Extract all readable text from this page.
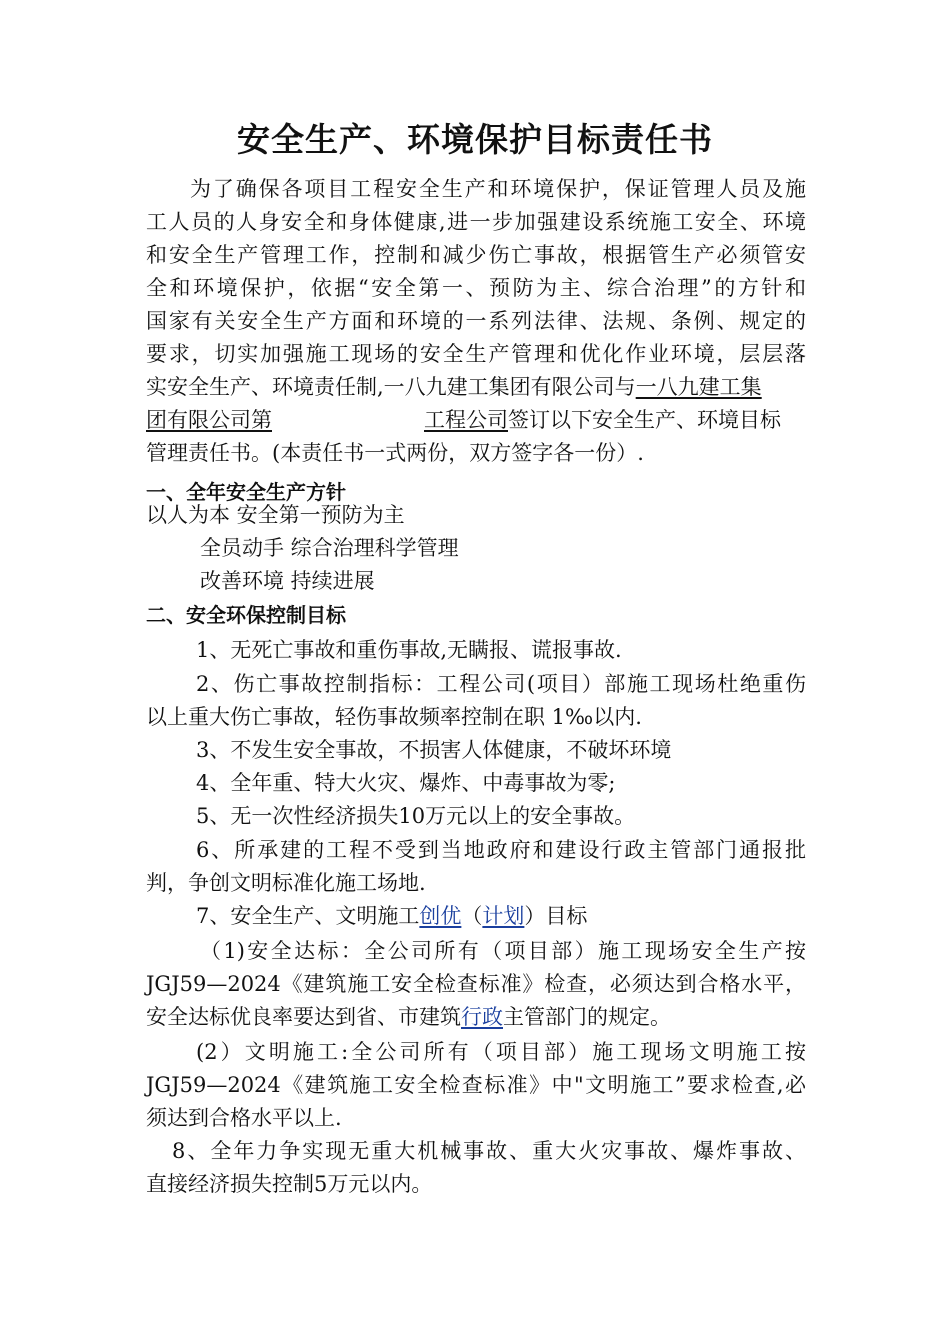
安全生产、环境保护目标责任书
为了确保各项目工程安全生产和环境保护，保证管理人员及施
工人员的人身安全和身体健康,进一步加强建设系统施工安全、环境
和安全生产管理工作，控制和减少伤亡事故，根据管生产必须管安
全和环境保护，依据“安全第一、预防为主、综合治理”的方针和
国家有关安全生产方面和环境的一系列法律、法规、条例、规定的
要求，切实加强施工现场的安全生产管理和优化作业环境，层层落
实安全生产、环境责任制,一八九建工集团有限公司与一八九建工集
团有限公司第	工程公司签订以下安全生产、环境目标
管理责任书。(本责任书一式两份，双方签字各一份）.
一、全年安全生产方针
以人为本 安全第一预防为主
全员动手 综合治理科学管理
改善环境 持续进展
二、安全环保控制目标
1、无死亡事故和重伤事故,无瞒报、谎报事故.
2、伤亡事故控制指标：工程公司(项目）部施工现场杜绝重伤
以上重大伤亡事故，轻伤事故频率控制在职 1‰以内.
3、不发生安全事故，不损害人体健康，不破坏环境
4、全年重、特大火灾、爆炸、中毒事故为零;
5、无一次性经济损失10万元以上的安全事故。
6、所承建的工程不受到当地政府和建设行政主管部门通报批
判，争创文明标准化施工场地.
7、安全生产、文明施工创优（计划）目标
（1)安全达标：全公司所有（项目部）施工现场安全生产按
JGJ59—2024《建筑施工安全检查标准》检查，必须达到合格水平，
安全达标优良率要达到省、市建筑行政主管部门的规定。
(2）文明施工:全公司所有（项目部）施工现场文明施工按
JGJ59—2024《建筑施工安全检查标准》中"文明施工”要求检查,必
须达到合格水平以上.
8、全年力争实现无重大机械事故、重大火灾事故、爆炸事故、
直接经济损失控制5万元以内。
